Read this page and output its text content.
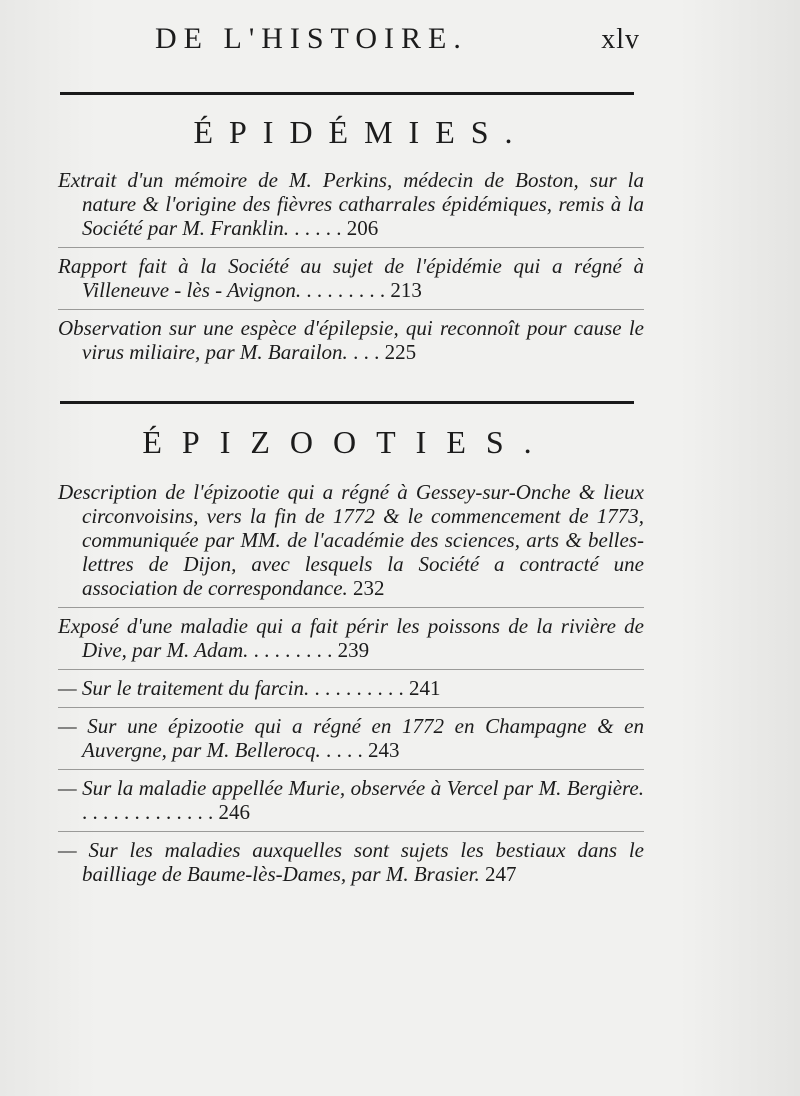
DE L'HISTOIRE.	xlv
ÉPIDÉMIES.
Extrait d'un mémoire de M. Perkins, médecin de Boston, sur la nature & l'origine des fièvres catharrales épidémiques, remis à la Société par M. Franklin. . . . . . 206
Rapport fait à la Société au sujet de l'épidémie qui a régné à Villeneuve - lès - Avignon. . . . . . . . . 213
Observation sur une espèce d'épilepsie, qui reconnoît pour cause le virus miliaire, par M. Barailon. . . . 225
ÉPIZOOTIES.
Description de l'épizootie qui a régné à Gessey-sur-Onche & lieux circonvoisins, vers la fin de 1772 & le commencement de 1773, communiquée par MM. de l'académie des sciences, arts & belles-lettres de Dijon, avec lesquels la Société a contracté une association de correspondance. 232
Exposé d'une maladie qui a fait périr les poissons de la rivière de Dive, par M. Adam. . . . . . . . . 239
— Sur le traitement du farcin. . . . . . . . . . 241
— Sur une épizootie qui a régné en 1772 en Champagne & en Auvergne, par M. Bellerocq. . . . . 243
— Sur la maladie appellée Murie, observée à Vercel par M. Bergière. . . . . . . . . . . . . . 246
— Sur les maladies auxquelles sont sujets les bestiaux dans le bailliage de Baume-lès-Dames, par M. Brasier. 247
